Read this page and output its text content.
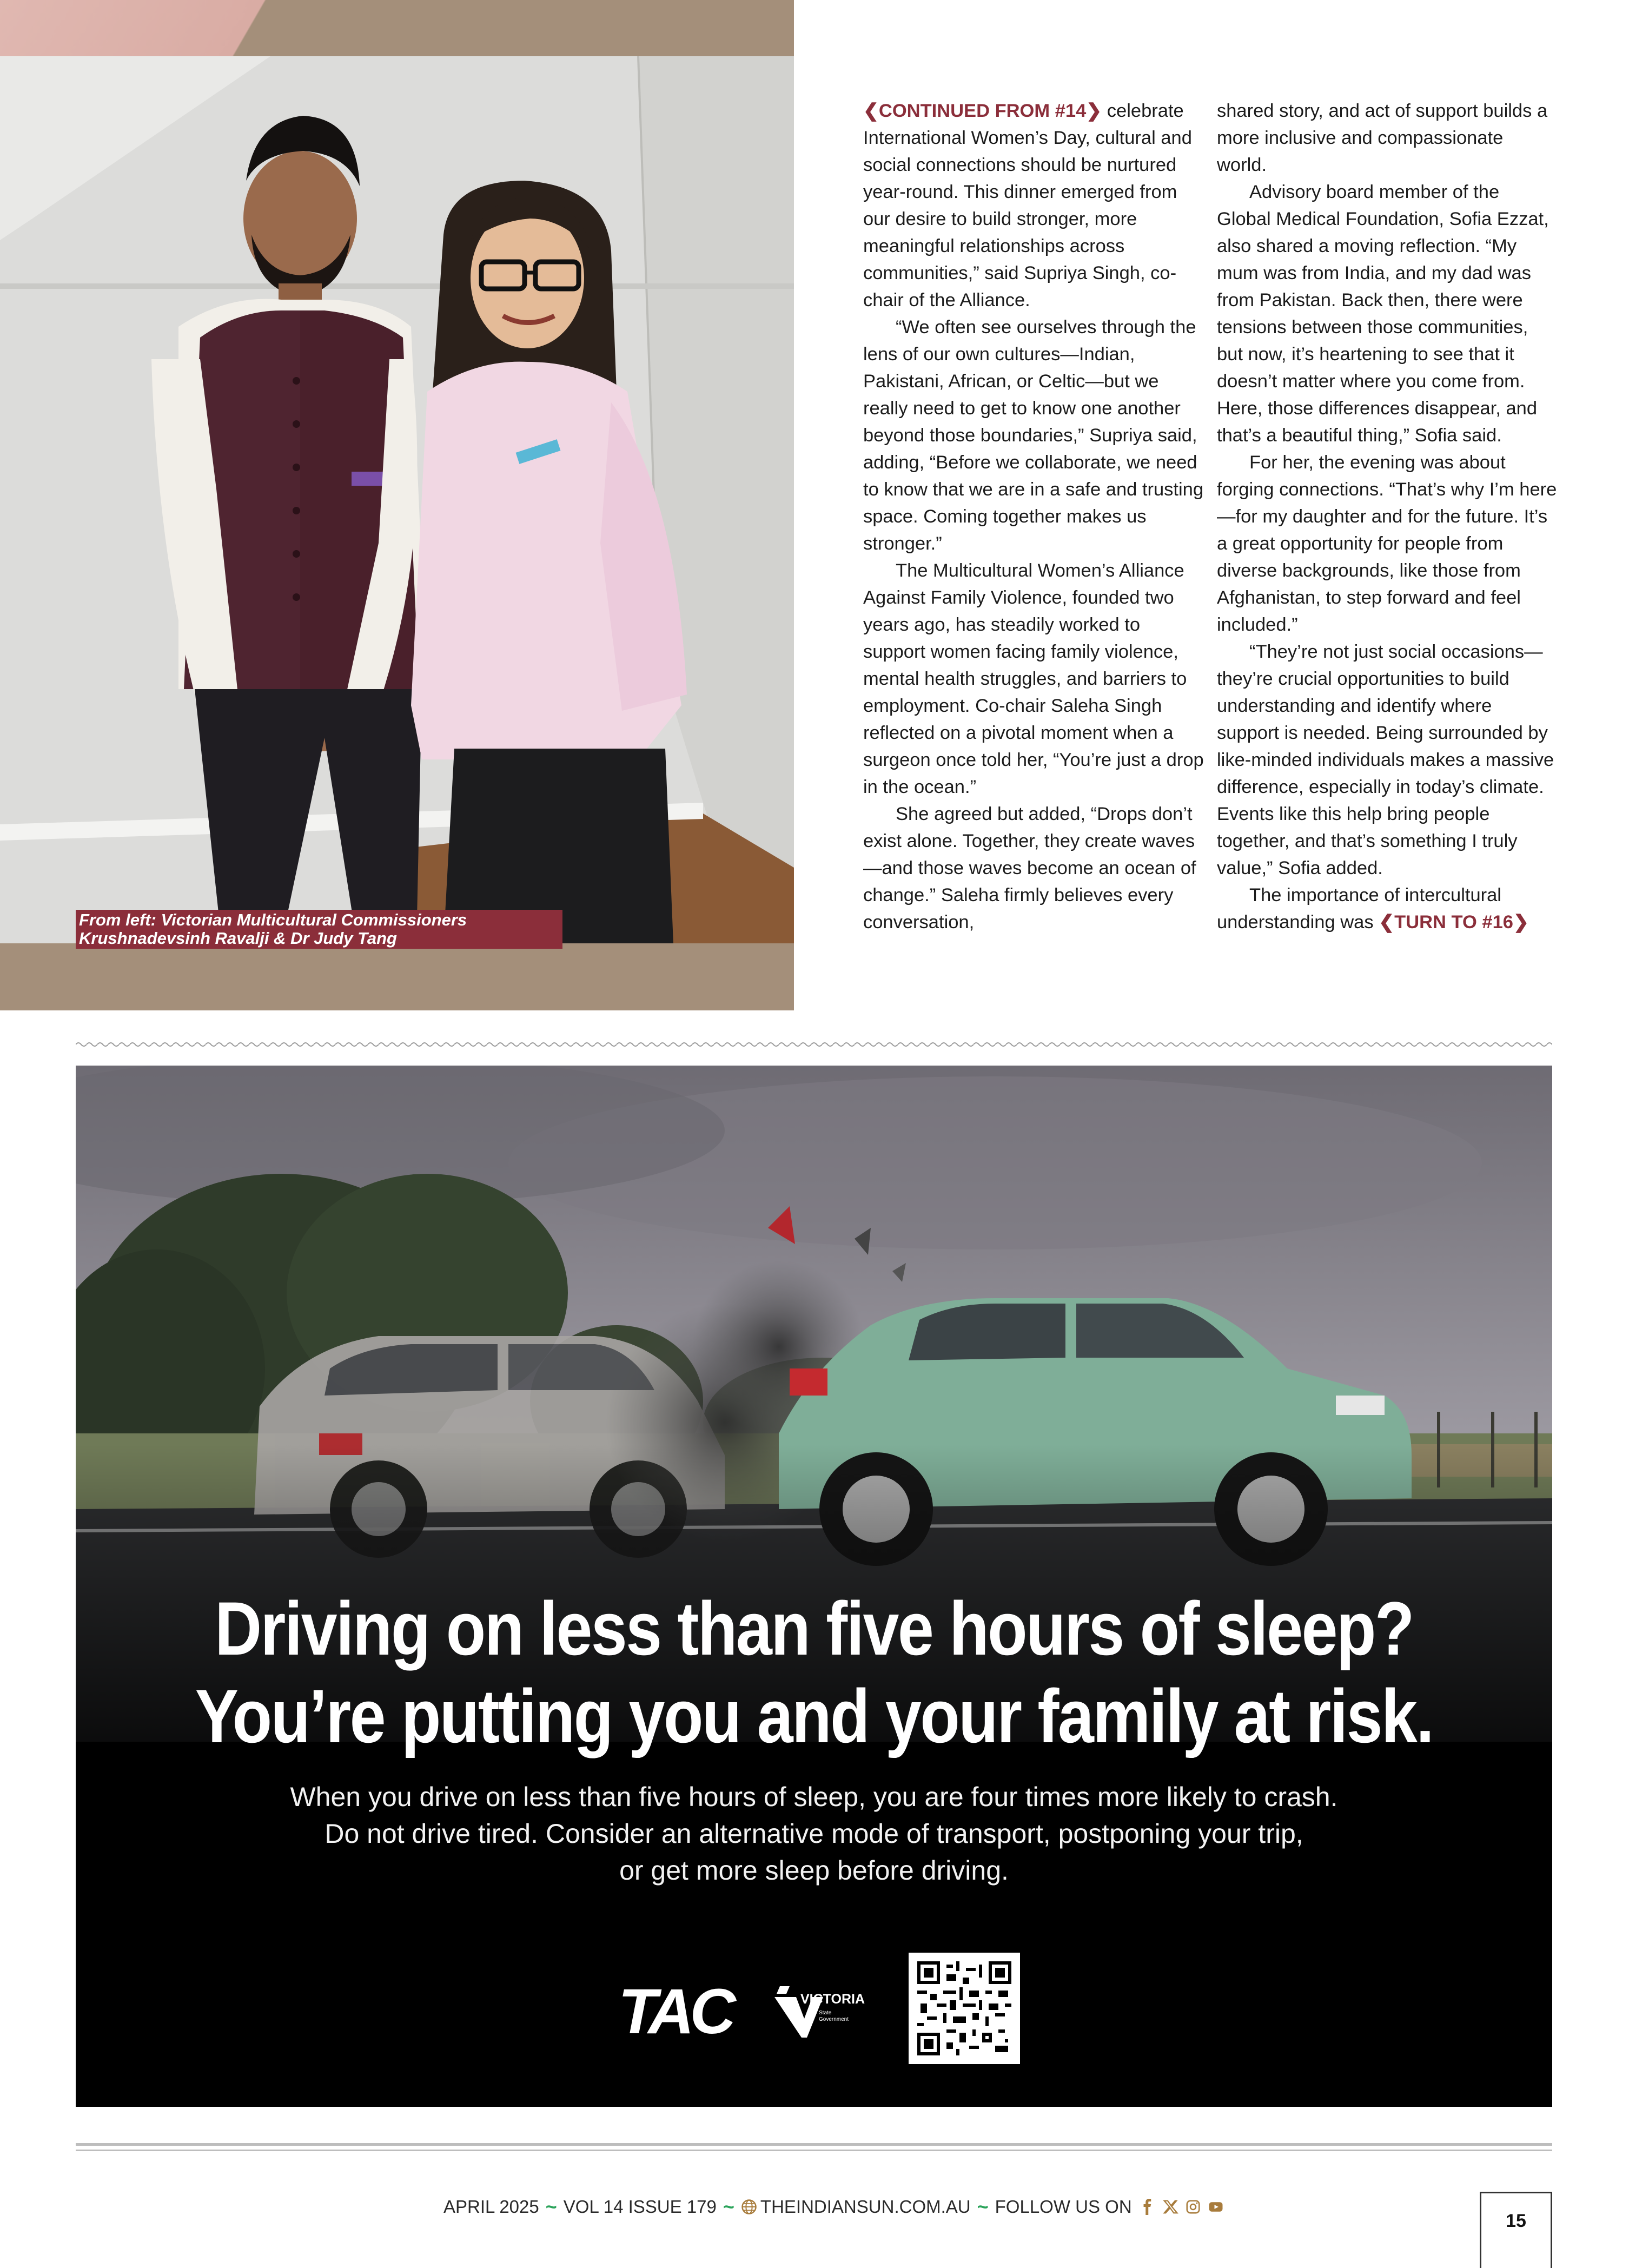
From left: Victorian Multicultural Commissioners
Krushnadevsinh Ravalji & Dr Judy Tang

❮CONTINUED FROM #14❯ celebrate International Women’s Day, cultural and social connections should be nurtured year-round. This dinner emerged from our desire to build stronger, more meaningful relationships across communities,” said Supriya Singh, co-chair of the Alliance.

“We often see ourselves through the lens of our own cultures—Indian, Pakistani, African, or Celtic—but we really need to get to know one another beyond those boundaries,” Supriya said, adding, “Before we collaborate, we need to know that we are in a safe and trusting space. Coming together makes us stronger.”

The Multicultural Women’s Alliance Against Family Violence, founded two years ago, has steadily worked to support women facing family violence, mental health struggles, and barriers to employment. Co-chair Saleha Singh reflected on a pivotal moment when a surgeon once told her, “You’re just a drop in the ocean.”

She agreed but added, “Drops don’t exist alone. Together, they create waves—and those waves become an ocean of change.” Saleha firmly believes every conversation,

shared story, and act of support builds a more inclusive and compassionate world.

Advisory board member of the Global Medical Foundation, Sofia Ezzat, also shared a moving reflection. “My mum was from India, and my dad was from Pakistan. Back then, there were tensions between those communities, but now, it’s heartening to see that it doesn’t matter where you come from. Here, those differences disappear, and that’s a beautiful thing,” Sofia said.

For her, the evening was about forging connections. “That’s why I’m here—for my daughter and for the future. It’s a great opportunity for people from diverse backgrounds, like those from Afghanistan, to step forward and feel included.”

“They’re not just social occasions—they’re crucial opportunities to build understanding and identify where support is needed. Being surrounded by like-minded individuals makes a massive difference, especially in today’s climate. Events like this help bring people together, and that’s something I truly value,” Sofia added.

The importance of intercultural understanding was ❮TURN TO #16❯

Driving on less than five hours of sleep?
You’re putting you and your family at risk.
When you drive on less than five hours of sleep, you are four times more likely to crash.
Do not drive tired. Consider an alternative mode of transport, postponing your trip,
or get more sleep before driving.
TAC	VICTORIA
State
Government
APRIL 2025 ~ VOL 14 ISSUE 179 ~ THEINDIANSUN.COM.AU ~ FOLLOW US ON
15
